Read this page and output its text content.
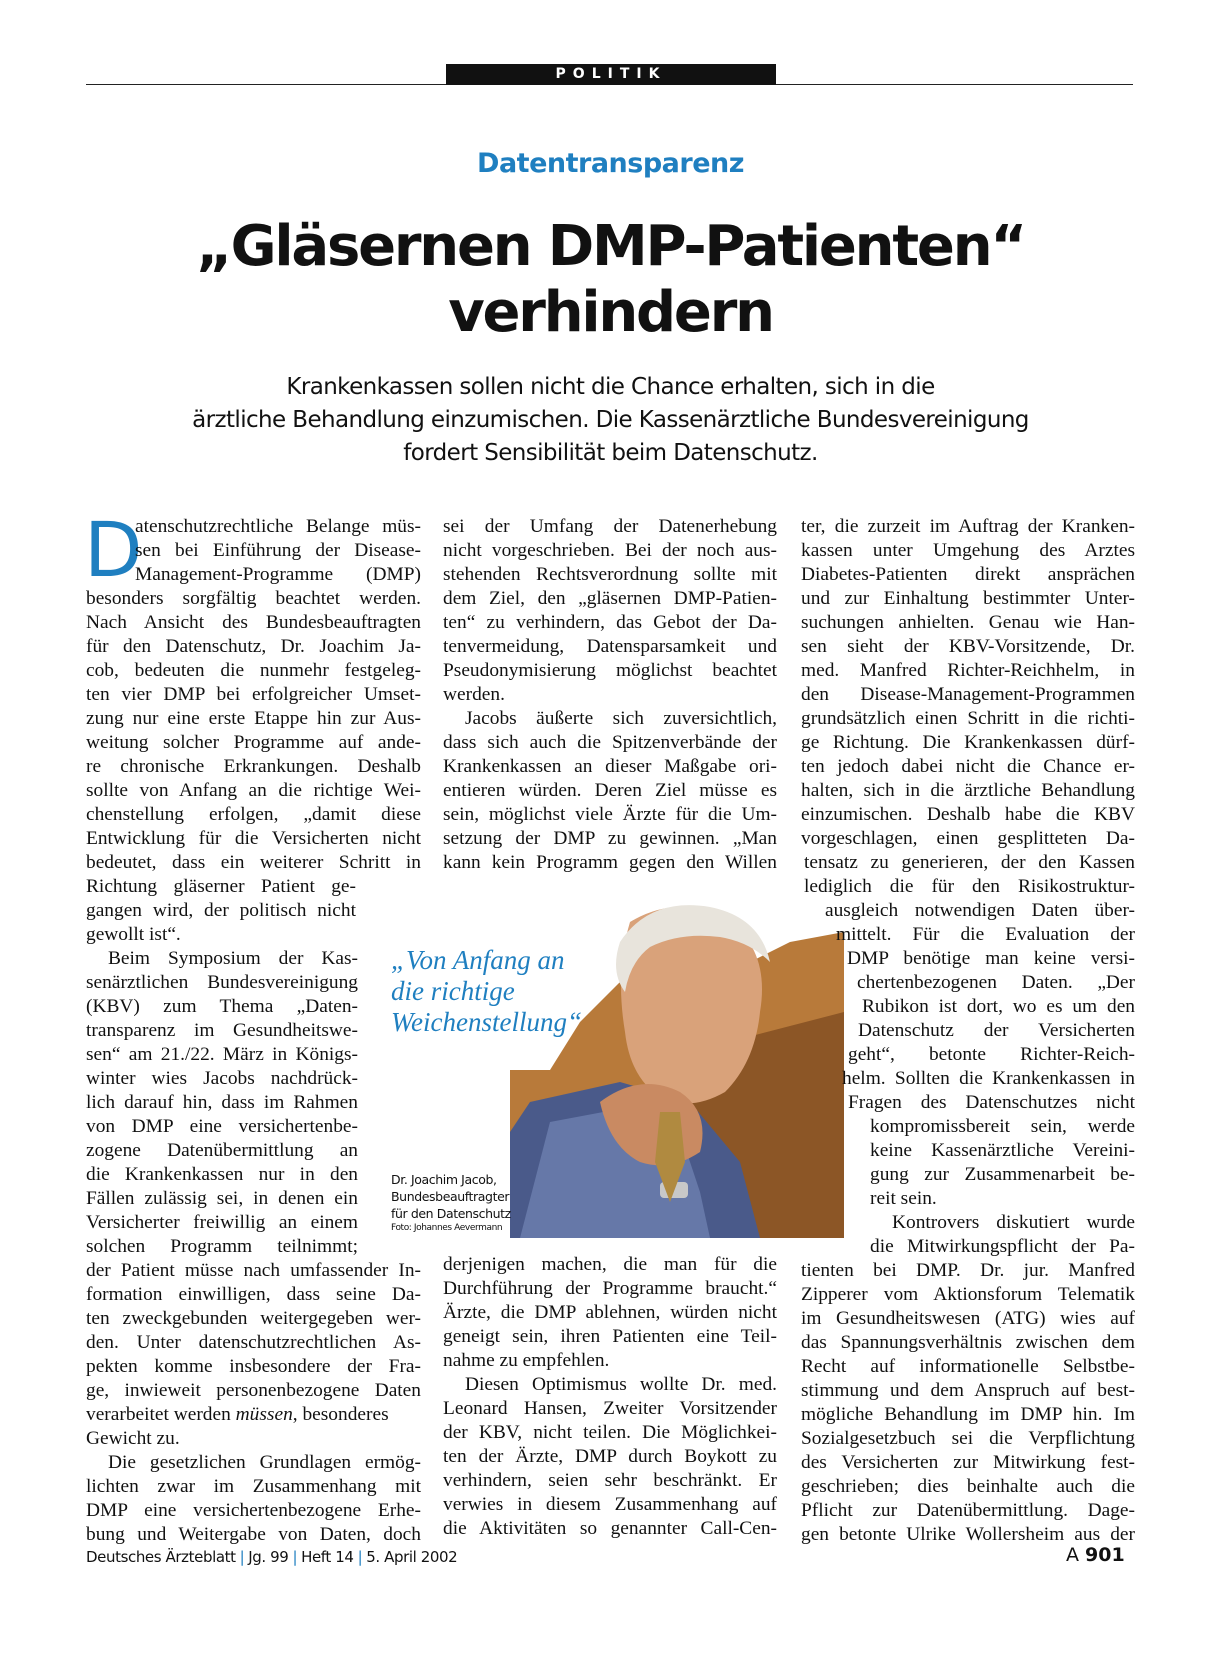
POLITIK
Datentransparenz
„Gläsernen DMP-Patienten“
verhindern
Krankenkassen sollen nicht die Chance erhalten, sich in die
ärztliche Behandlung einzumischen. Die Kassenärztliche Bundesvereinigung
fordert Sensibilität beim Datenschutz.
D
atenschutzrechtliche Belange müs-
sen bei Einführung der Disease-
Management-Programme (DMP)
besonders sorgfältig beachtet werden.
Nach Ansicht des Bundesbeauftragten
für den Datenschutz, Dr. Joachim Ja-
cob, bedeuten die nunmehr festgeleg-
ten vier DMP bei erfolgreicher Umset-
zung nur eine erste Etappe hin zur Aus-
weitung solcher Programme auf ande-
re chronische Erkrankungen. Deshalb
sollte von Anfang an die richtige Wei-
chenstellung erfolgen, „damit diese
Entwicklung für die Versicherten nicht
bedeutet, dass ein weiterer Schritt in
Richtung gläserner Patient ge-
gangen wird, der politisch nicht
gewollt ist“.
Beim Symposium der Kas-
senärztlichen Bundesvereinigung
(KBV) zum Thema „Daten-
transparenz im Gesundheitswe-
sen“ am 21./22. März in Königs-
winter wies Jacobs nachdrück-
lich darauf hin, dass im Rahmen
von DMP eine versichertenbe-
zogene Datenübermittlung an
die Krankenkassen nur in den
Fällen zulässig sei, in denen ein
Versicherter freiwillig an einem
solchen Programm teilnimmt;
der Patient müsse nach umfassender In-
formation einwilligen, dass seine Da-
ten zweckgebunden weitergegeben wer-
den. Unter datenschutzrechtlichen As-
pekten komme insbesondere der Fra-
ge, inwieweit personenbezogene Daten
verarbeitet werden
müssen , besonderes
Gewicht zu.
Die gesetzlichen Grundlagen ermög-
lichten zwar im Zusammenhang mit
DMP eine versichertenbezogene Erhe-
bung und Weitergabe von Daten, doch
sei der Umfang der Datenerhebung
nicht vorgeschrieben. Bei der noch aus-
stehenden Rechtsverordnung sollte mit
dem Ziel, den „gläsernen DMP-Patien-
ten“ zu verhindern, das Gebot der Da-
tenvermeidung, Datensparsamkeit und
Pseudonymisierung möglichst beachtet
werden.
Jacobs äußerte sich zuversichtlich,
dass sich auch die Spitzenverbände der
Krankenkassen an dieser Maßgabe ori-
entieren würden. Deren Ziel müsse es
sein, möglichst viele Ärzte für die Um-
setzung der DMP zu gewinnen. „Man
kann kein Programm gegen den Willen
„Von Anfang an
die richtige
Weichenstellung“
Dr. Joachim Jacob,
Bundesbeauftragter
für den Datenschutz
Foto: Johannes Aevermann
derjenigen machen, die man für die
Durchführung der Programme braucht.“
Ärzte, die DMP ablehnen, würden nicht
geneigt sein, ihren Patienten eine Teil-
nahme zu empfehlen.
Diesen Optimismus wollte Dr. med.
Leonard Hansen, Zweiter Vorsitzender
der KBV, nicht teilen. Die Möglichkei-
ten der Ärzte, DMP durch Boykott zu
verhindern, seien sehr beschränkt. Er
verwies in diesem Zusammenhang auf
die Aktivitäten so genannter Call-Cen-
ter, die zurzeit im Auftrag der Kranken-
kassen unter Umgehung des Arztes
Diabetes-Patienten direkt ansprächen
und zur Einhaltung bestimmter Unter-
suchungen anhielten. Genau wie Han-
sen sieht der KBV-Vorsitzende, Dr.
med. Manfred Richter-Reichhelm, in
den Disease-Management-Programmen
grundsätzlich einen Schritt in die richti-
ge Richtung. Die Krankenkassen dürf-
ten jedoch dabei nicht die Chance er-
halten, sich in die ärztliche Behandlung
einzumischen. Deshalb habe die KBV
vorgeschlagen, einen gesplitteten Da-
tensatz zu generieren, der den Kassen
lediglich die für den Risikostruktur-
ausgleich notwendigen Daten über-
mittelt. Für die Evaluation der
DMP benötige man keine versi-
chertenbezogenen Daten. „Der
Rubikon ist dort, wo es um den
Datenschutz der Versicherten
geht“, betonte Richter-Reich-
helm. Sollten die Krankenkassen in
Fragen des Datenschutzes nicht
kompromissbereit sein, werde
keine Kassenärztliche Vereini-
gung zur Zusammenarbeit be-
reit sein.
Kontrovers diskutiert wurde
die Mitwirkungspflicht der Pa-
tienten bei DMP. Dr. jur. Manfred
Zipperer vom Aktionsforum Telematik
im Gesundheitswesen (ATG) wies auf
das Spannungsverhältnis zwischen dem
Recht auf informationelle Selbstbe-
stimmung und dem Anspruch auf best-
mögliche Behandlung im DMP hin. Im
Sozialgesetzbuch sei die Verpflichtung
des Versicherten zur Mitwirkung fest-
geschrieben; dies beinhalte auch die
Pflicht zur Datenübermittlung. Dage-
gen betonte Ulrike Wollersheim aus der
Deutsches Ärzteblatt | Jg. 99 | Heft 14 | 5. April 2002	A 901
